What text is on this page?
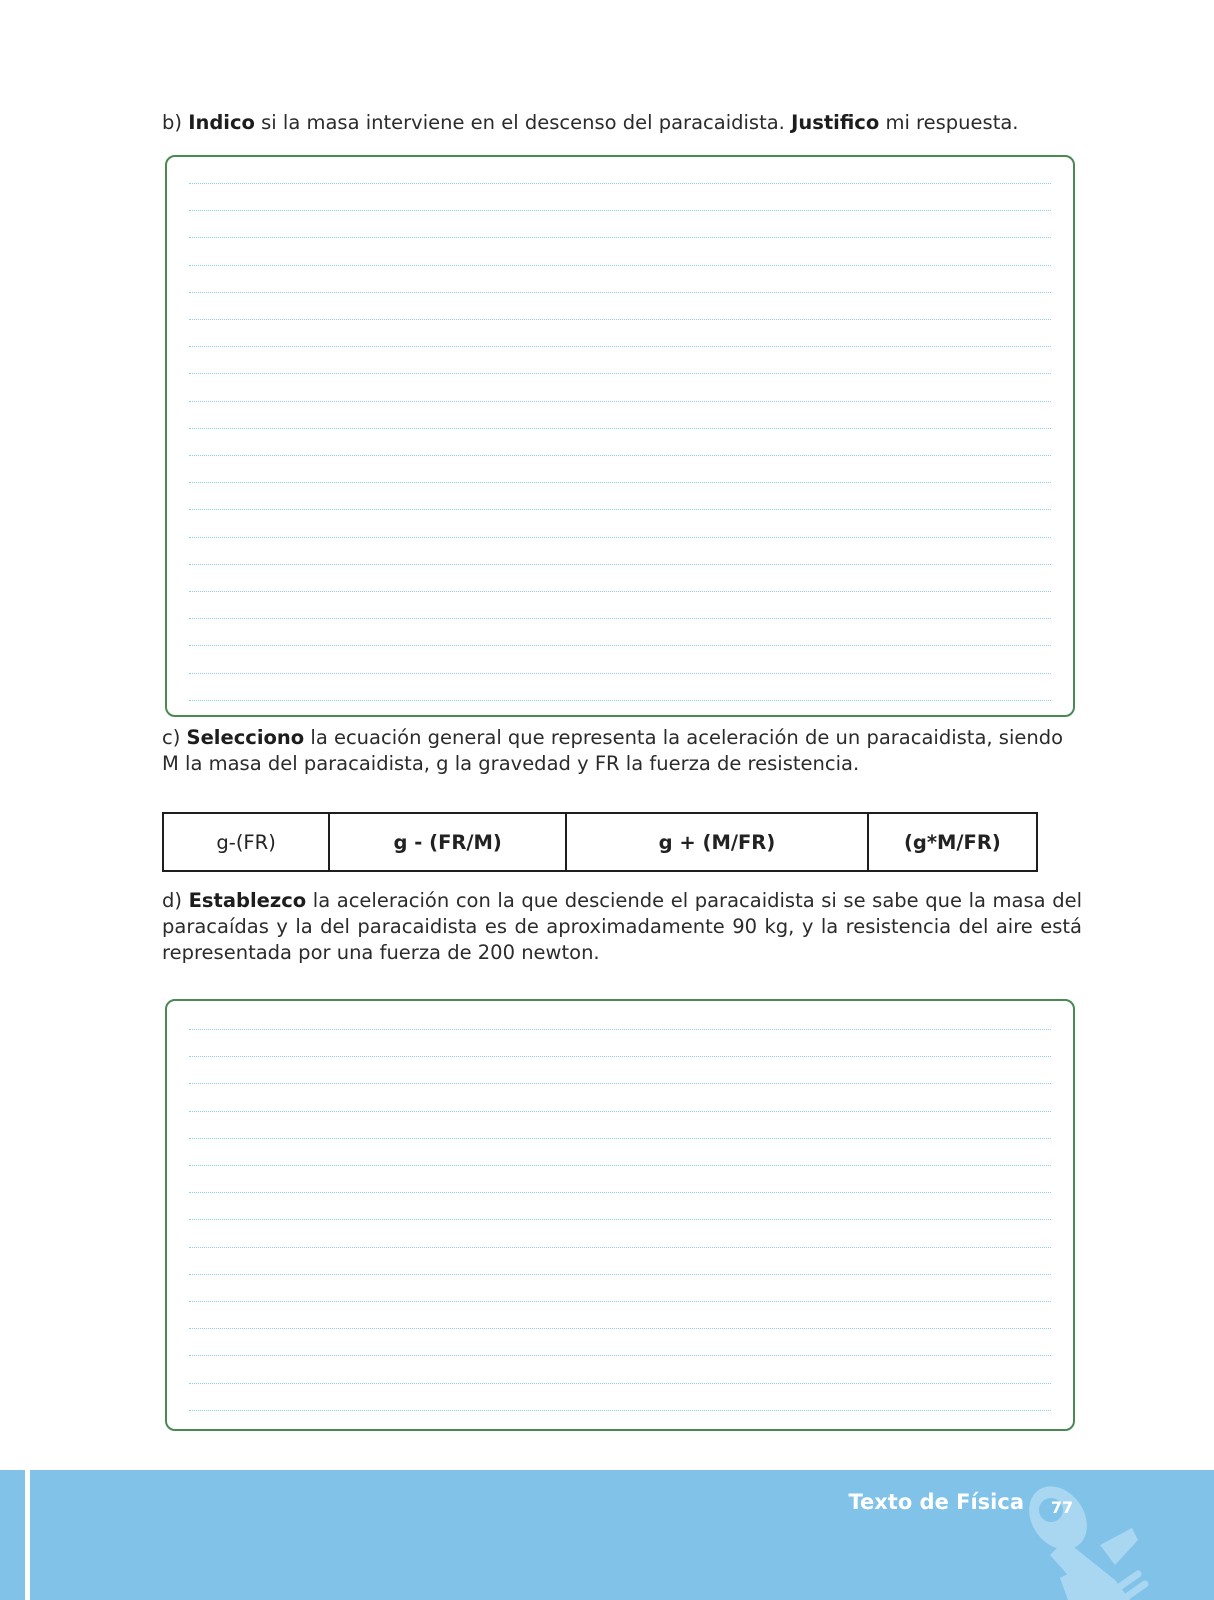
b) Indico si la masa interviene en el descenso del paracaidista. Justifico mi respuesta.

c) Selecciono la ecuación general que representa la aceleración de un paracaidista, siendo M la masa del paracaidista, g la gravedad y FR la fuerza de resistencia.

g-(FR)	g - (FR/M)	g + (M/FR)	(g*M/FR)

d) Establezco la aceleración con la que desciende el paracaidista si se sabe que la masa del paracaídas y la del paracaidista es de aproximadamente 90 kg, y la resistencia del aire está representada por una fuerza de 200 newton.

Texto de Física 77
